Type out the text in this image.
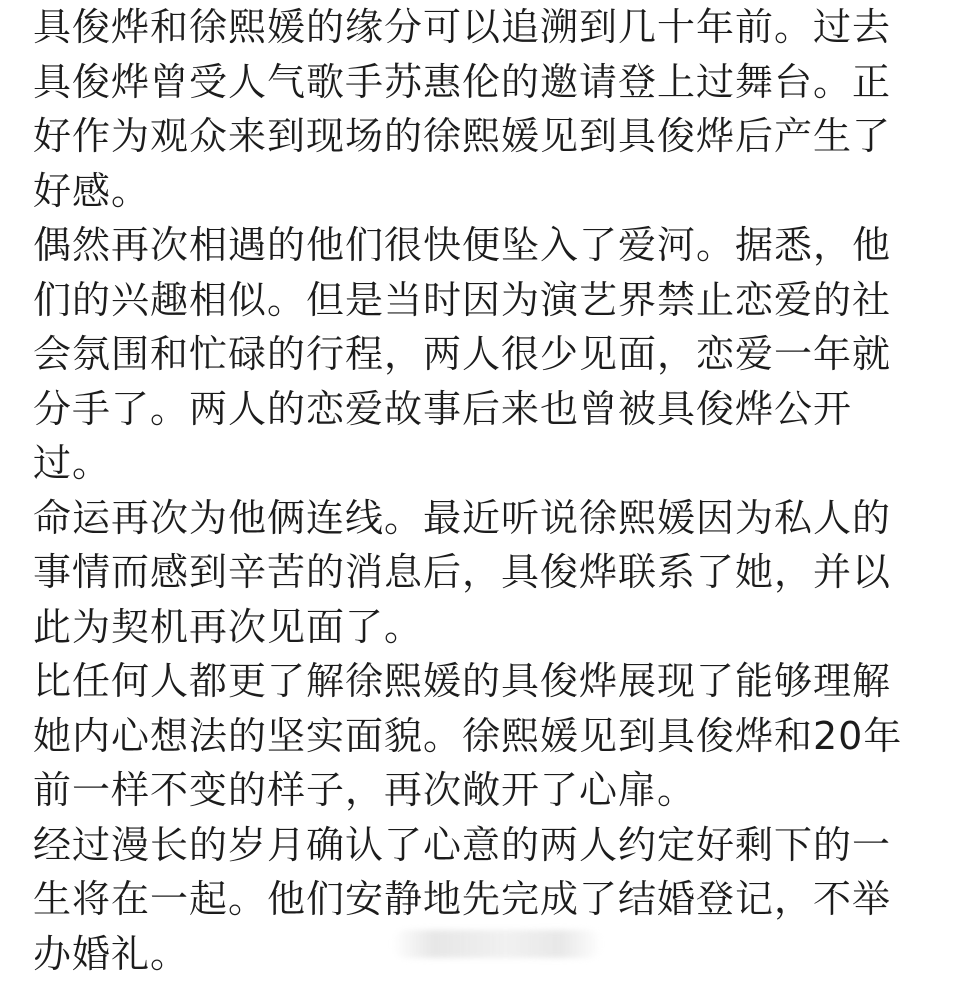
具俊烨和徐熙媛的缘分可以追溯到几十年前。过去
具俊烨曾受人气歌手苏惠伦的邀请登上过舞台。正
好作为观众来到现场的徐熙媛见到具俊烨后产生了
好感。
偶然再次相遇的他们很快便坠入了爱河。据悉，他
们的兴趣相似。但是当时因为演艺界禁止恋爱的社
会氛围和忙碌的行程，两人很少见面，恋爱一年就
分手了。两人的恋爱故事后来也曾被具俊烨公开
过。
命运再次为他俩连线。最近听说徐熙媛因为私人的
事情而感到辛苦的消息后，具俊烨联系了她，并以
此为契机再次见面了。
比任何人都更了解徐熙媛的具俊烨展现了能够理解
她内心想法的坚实面貌。徐熙媛见到具俊烨和20年
前一样不变的样子，再次敞开了心扉。
经过漫长的岁月确认了心意的两人约定好剩下的一
生将在一起。他们安静地先完成了结婚登记，不举
办婚礼。
